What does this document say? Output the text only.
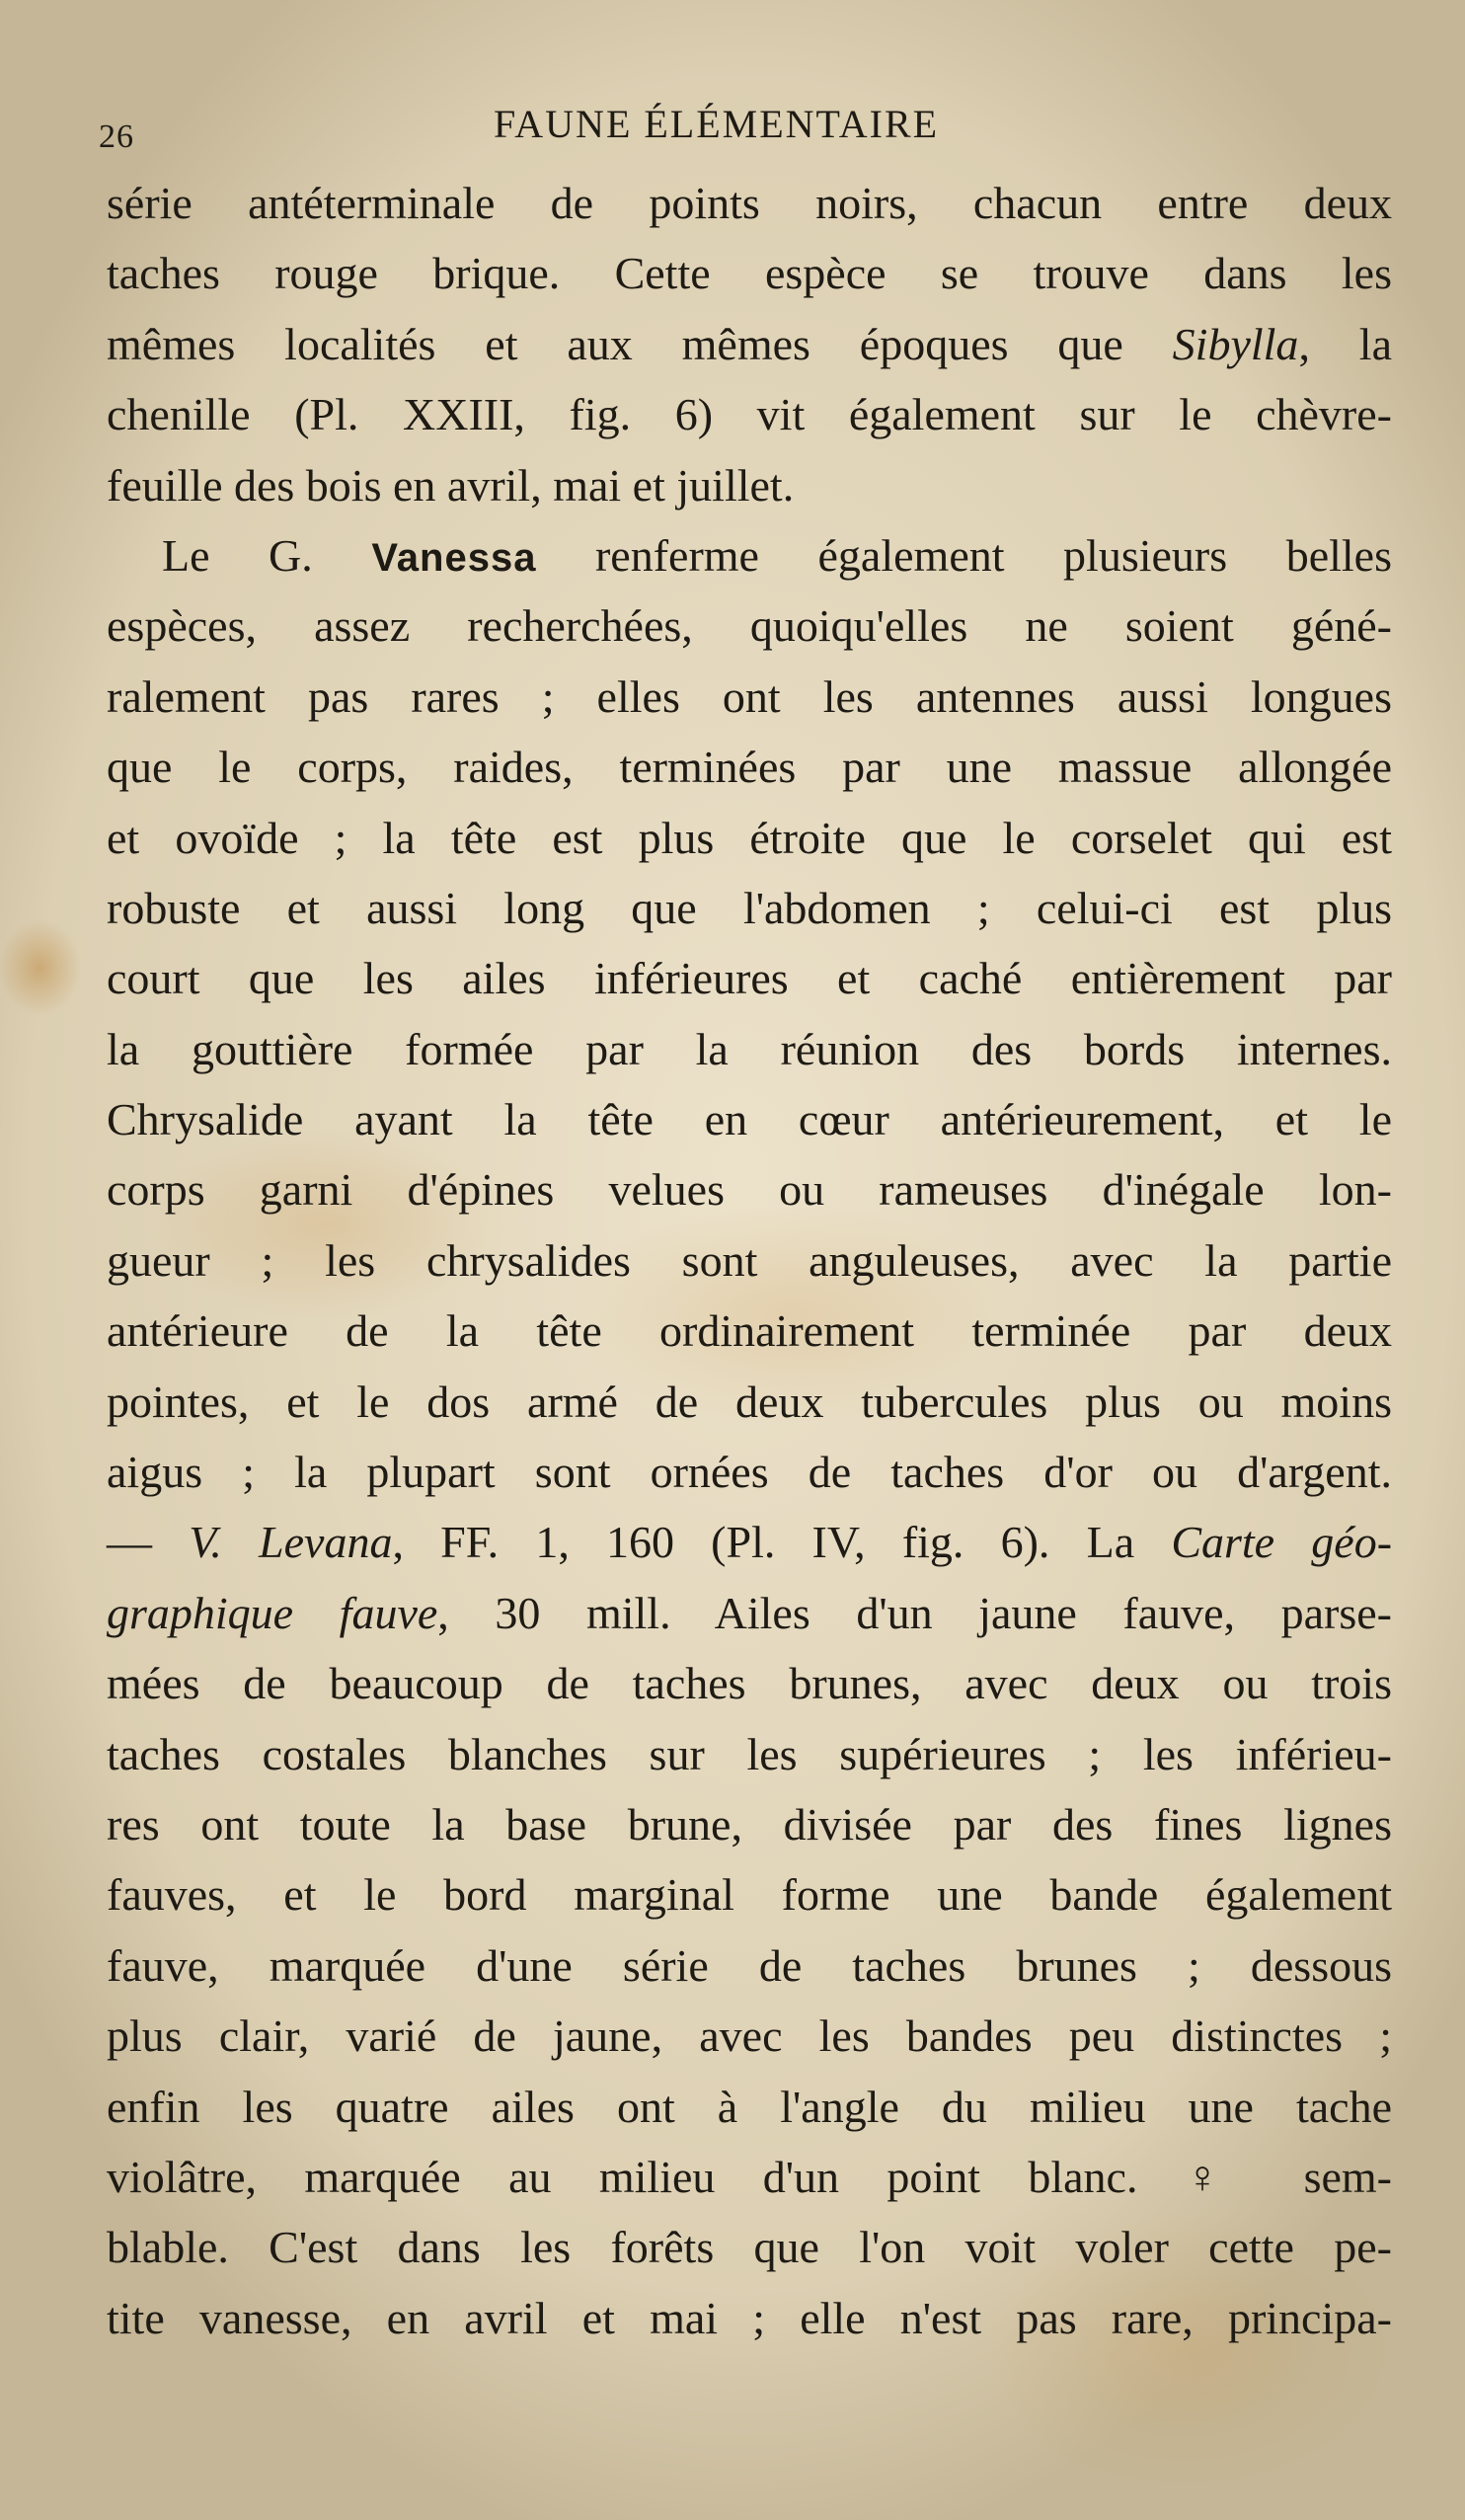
26	FAUNE ÉLÉMENTAIRE
série antéterminale de points noirs, chacun entre deux
taches rouge brique. Cette espèce se trouve dans les
mêmes localités et aux mêmes époques que Sibylla, la
chenille (Pl. XXIII, fig. 6) vit également sur le chèvre-
feuille des bois en avril, mai et juillet.
Le G. Vanessa renferme également plusieurs belles
espèces, assez recherchées, quoiqu'elles ne soient géné-
ralement pas rares ; elles ont les antennes aussi longues
que le corps, raides, terminées par une massue allongée
et ovoïde ; la tête est plus étroite que le corselet qui est
robuste et aussi long que l'abdomen ; celui-ci est plus
court que les ailes inférieures et caché entièrement par
la gouttière formée par la réunion des bords internes.
Chrysalide ayant la tête en cœur antérieurement, et le
corps garni d'épines velues ou rameuses d'inégale lon-
gueur ; les chrysalides sont anguleuses, avec la partie
antérieure de la tête ordinairement terminée par deux
pointes, et le dos armé de deux tubercules plus ou moins
aigus ; la plupart sont ornées de taches d'or ou d'argent.
— V. Levana, FF. 1, 160 (Pl. IV, fig. 6). La Carte géo-
graphique fauve, 30 mill. Ailes d'un jaune fauve, parse-
mées de beaucoup de taches brunes, avec deux ou trois
taches costales blanches sur les supérieures ; les inférieu-
res ont toute la base brune, divisée par des fines lignes
fauves, et le bord marginal forme une bande également
fauve, marquée d'une série de taches brunes ; dessous
plus clair, varié de jaune, avec les bandes peu distinctes ;
enfin les quatre ailes ont à l'angle du milieu une tache
violâtre, marquée au milieu d'un point blanc. ♀ sem-
blable. C'est dans les forêts que l'on voit voler cette pe-
tite vanesse, en avril et mai ; elle n'est pas rare, principa-
